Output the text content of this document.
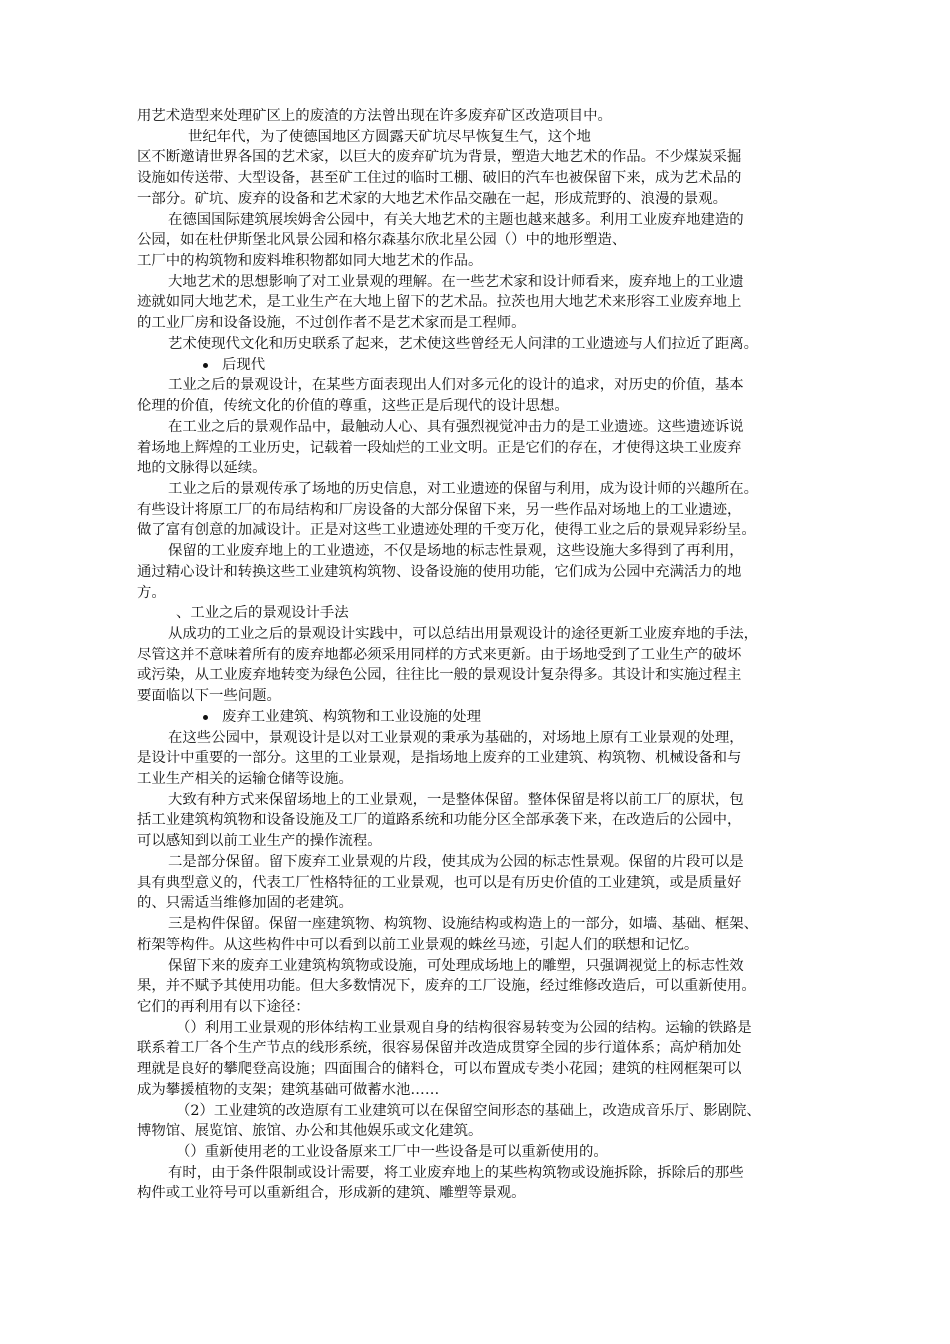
用艺术造型来处理矿区上的废渣的方法曾出现在许多废弃矿区改造项目中。
世纪年代，为了使德国地区方圆露天矿坑尽早恢复生气，这个地
区不断邀请世界各国的艺术家，以巨大的废弃矿坑为背景，塑造大地艺术的作品。不少煤炭采掘
设施如传送带、大型设备，甚至矿工住过的临时工棚、破旧的汽车也被保留下来，成为艺术品的
一部分。矿坑、废弃的设备和艺术家的大地艺术作品交融在一起，形成荒野的、浪漫的景观。
在德国国际建筑展埃姆舍公园中，有关大地艺术的主题也越来越多。利用工业废弃地建造的
公园，如在杜伊斯堡北风景公园和格尔森基尔欣北星公园（）中的地形塑造、
工厂中的构筑物和废料堆积物都如同大地艺术的作品。
大地艺术的思想影响了对工业景观的理解。在一些艺术家和设计师看来，废弃地上的工业遗
迹就如同大地艺术，是工业生产在大地上留下的艺术品。拉茨也用大地艺术来形容工业废弃地上
的工业厂房和设备设施，不过创作者不是艺术家而是工程师。
艺术使现代文化和历史联系了起来，艺术使这些曾经无人问津的工业遗迹与人们拉近了距离。
后现代
工业之后的景观设计，在某些方面表现出人们对多元化的设计的追求，对历史的价值，基本
伦理的价值，传统文化的价值的尊重，这些正是后现代的设计思想。
在工业之后的景观作品中，最触动人心、具有强烈视觉冲击力的是工业遗迹。这些遗迹诉说
着场地上辉煌的工业历史，记载着一段灿烂的工业文明。正是它们的存在，才使得这块工业废弃
地的文脉得以延续。
工业之后的景观传承了场地的历史信息，对工业遗迹的保留与利用，成为设计师的兴趣所在。
有些设计将原工厂的布局结构和厂房设备的大部分保留下来，另一些作品对场地上的工业遗迹，
做了富有创意的加减设计。正是对这些工业遗迹处理的千变万化，使得工业之后的景观异彩纷呈。
保留的工业废弃地上的工业遗迹，不仅是场地的标志性景观，这些设施大多得到了再利用，
通过精心设计和转换这些工业建筑构筑物、设备设施的使用功能，它们成为公园中充满活力的地
方。
、工业之后的景观设计手法
从成功的工业之后的景观设计实践中，可以总结出用景观设计的途径更新工业废弃地的手法，
尽管这并不意味着所有的废弃地都必须采用同样的方式来更新。由于场地受到了工业生产的破坏
或污染，从工业废弃地转变为绿色公园，往往比一般的景观设计复杂得多。其设计和实施过程主
要面临以下一些问题。
废弃工业建筑、构筑物和工业设施的处理
在这些公园中，景观设计是以对工业景观的秉承为基础的，对场地上原有工业景观的处理，
是设计中重要的一部分。这里的工业景观，是指场地上废弃的工业建筑、构筑物、机械设备和与
工业生产相关的运输仓储等设施。
大致有种方式来保留场地上的工业景观，一是整体保留。整体保留是将以前工厂的原状，包
括工业建筑构筑物和设备设施及工厂的道路系统和功能分区全部承袭下来，在改造后的公园中，
可以感知到以前工业生产的操作流程。
二是部分保留。留下废弃工业景观的片段，使其成为公园的标志性景观。保留的片段可以是
具有典型意义的，代表工厂性格特征的工业景观，也可以是有历史价值的工业建筑，或是质量好
的、只需适当维修加固的老建筑。
三是构件保留。保留一座建筑物、构筑物、设施结构或构造上的一部分，如墙、基础、框架、
桁架等构件。从这些构件中可以看到以前工业景观的蛛丝马迹，引起人们的联想和记忆。
保留下来的废弃工业建筑构筑物或设施，可处理成场地上的雕塑，只强调视觉上的标志性效
果，并不赋予其使用功能。但大多数情况下，废弃的工厂设施，经过维修改造后，可以重新使用。
它们的再利用有以下途径：
（）利用工业景观的形体结构工业景观自身的结构很容易转变为公园的结构。运输的铁路是
联系着工厂各个生产节点的线形系统，很容易保留并改造成贯穿全园的步行道体系；高炉稍加处
理就是良好的攀爬登高设施；四面围合的储料仓，可以布置成专类小花园；建筑的柱网框架可以
成为攀援植物的支架；建筑基础可做蓄水池……
（2）工业建筑的改造原有工业建筑可以在保留空间形态的基础上，改造成音乐厅、影剧院、
博物馆、展览馆、旅馆、办公和其他娱乐或文化建筑。
（）重新使用老的工业设备原来工厂中一些设备是可以重新使用的。
有时，由于条件限制或设计需要，将工业废弃地上的某些构筑物或设施拆除，拆除后的那些
构件或工业符号可以重新组合，形成新的建筑、雕塑等景观。
